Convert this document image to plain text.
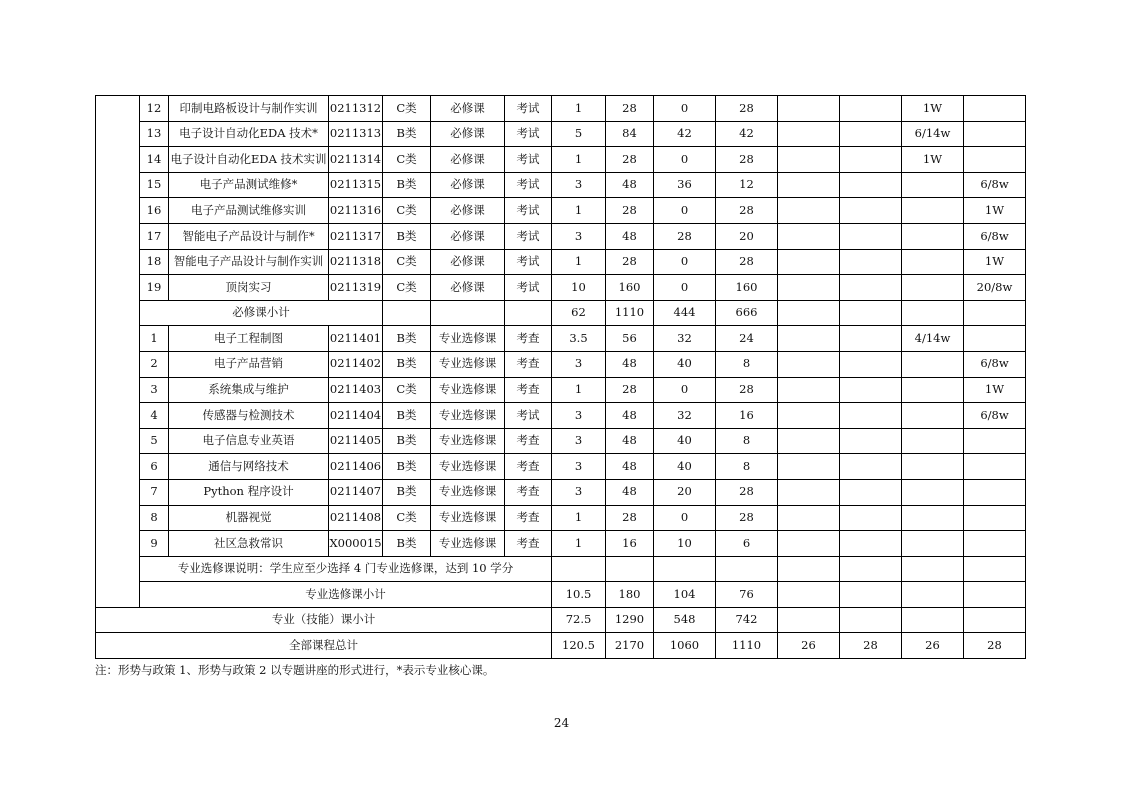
	12	印制电路板设计与制作实训	0211312	C类	必修课	考试	1	28	0	28			1W	
	13	电子设计自动化EDA 技术*	0211313	B类	必修课	考试	5	84	42	42			6/14w	
	14	电子设计自动化EDA 技术实训	0211314	C类	必修课	考试	1	28	0	28			1W	
	15	电子产品测试维修*	0211315	B类	必修课	考试	3	48	36	12				6/8w
	16	电子产品测试维修实训	0211316	C类	必修课	考试	1	28	0	28				1W
	17	智能电子产品设计与制作*	0211317	B类	必修课	考试	3	48	28	20				6/8w
	18	智能电子产品设计与制作实训	0211318	C类	必修课	考试	1	28	0	28				1W
	19	顶岗实习	0211319	C类	必修课	考试	10	160	0	160				20/8w
	必修课小计						62	1110	444	666				
	1	电子工程制图	0211401	B类	专业选修课	考查	3.5	56	32	24			4/14w	
	2	电子产品营销	0211402	B类	专业选修课	考查	3	48	40	8				6/8w
	3	系统集成与维护	0211403	C类	专业选修课	考查	1	28	0	28				1W
	4	传感器与检测技术	0211404	B类	专业选修课	考试	3	48	32	16				6/8w
	5	电子信息专业英语	0211405	B类	专业选修课	考查	3	48	40	8				
	6	通信与网络技术	0211406	B类	专业选修课	考查	3	48	40	8				
	7	Python 程序设计	0211407	B类	专业选修课	考查	3	48	20	28				
	8	机器视觉	0211408	C类	专业选修课	考查	1	28	0	28				
	9	社区急救常识	X000015	B类	专业选修课	考查	1	16	10	6				
	专业选修课说明：学生应至少选择 4 门专业选修课，达到 10 学分													
	专业选修课小计						10.5	180	104	76				
专业（技能）课小计							72.5	1290	548	742				
全部课程总计							120.5	2170	1060	1110	26	28	26	28
注：形势与政策 1、形势与政策 2 以专题讲座的形式进行，*表示专业核心课。
24
